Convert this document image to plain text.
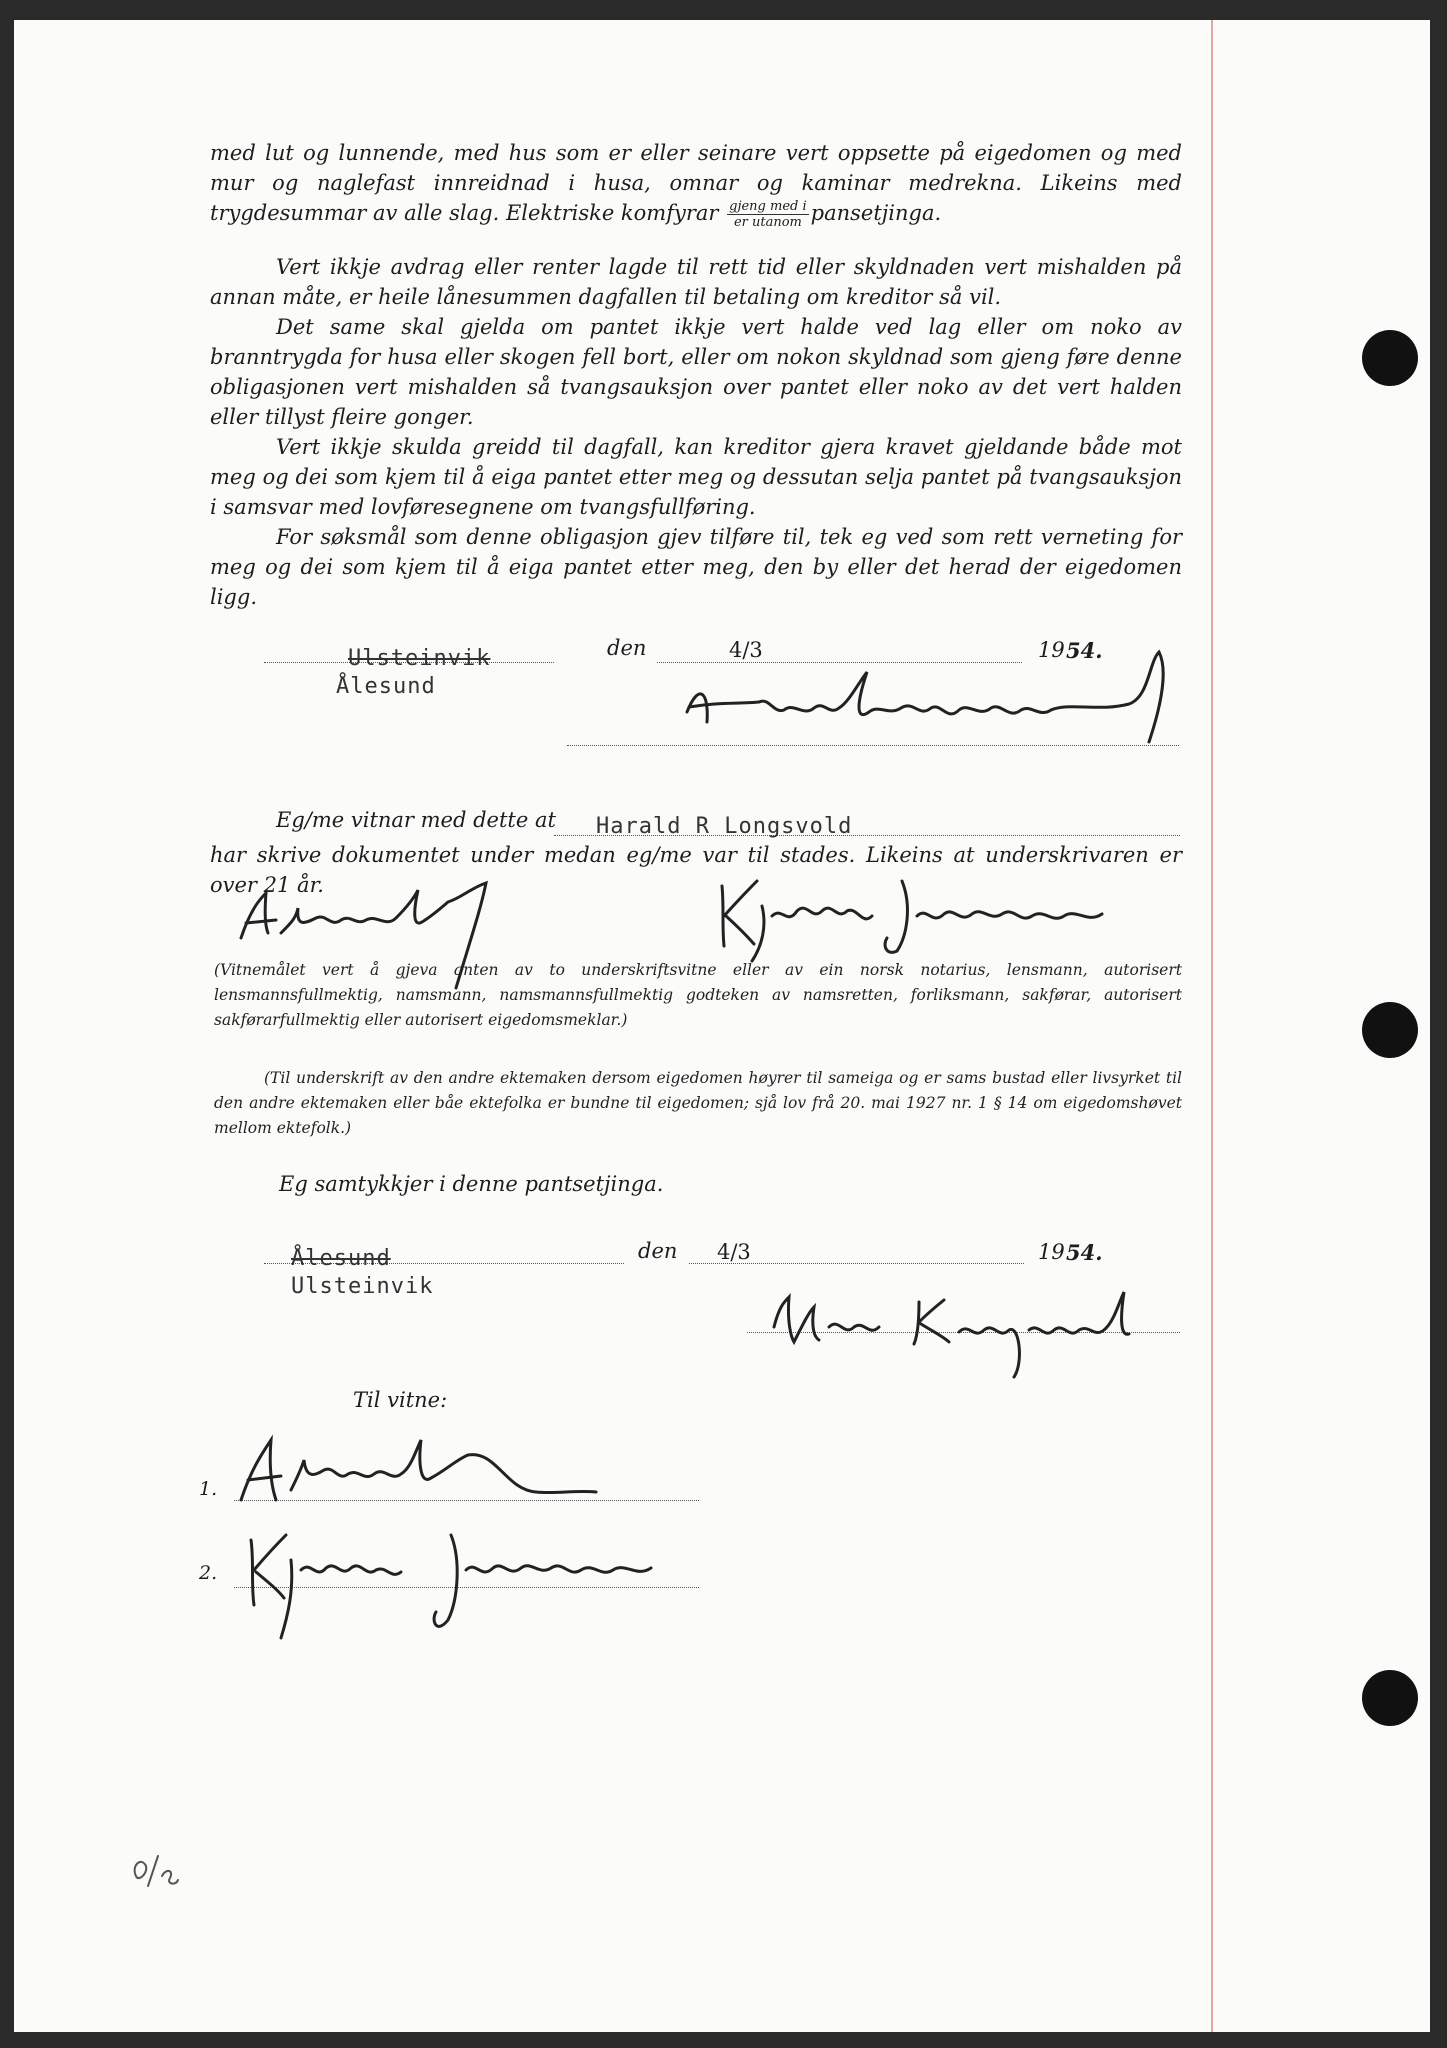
med lut og lunnende, med hus som er eller seinare vert oppsette på eigedomen og med mur og naglefast innreidnad i husa, omnar og kaminar medrekna. Likeins med trygdesummar av alle slag. Elektriske komfyrar $\frac{\text{gjeng med i}}{\text{er utanom}}$ pansetjinga.

Vert ikkje avdrag eller renter lagde til rett tid eller skyldnaden vert mishalden på annan måte, er heile lånesummen dagfallen til betaling om kreditor så vil.

Det same skal gjelda om pantet ikkje vert halde ved lag eller om noko av branntrygda for husa eller skogen fell bort, eller om nokon skyldnad som gjeng føre denne obligasjonen vert mishalden så tvangsauksjon over pantet eller noko av det vert halden eller tillyst fleire gonger.

Vert ikkje skulda greidd til dagfall, kan kreditor gjera kravet gjeldande både mot meg og dei som kjem til å eiga pantet etter meg og dessutan selja pantet på tvangsauksjon i samsvar med lovføresegnene om tvangsfullføring.

For søksmål som denne obligasjon gjev tilføre til, tek eg ved som rett verneting for meg og dei som kjem til å eiga pantet etter meg, den by eller det herad der eigedomen ligg.

Ulsteinvik
Ålesund
den	4/3	19 54.
Eg/me vitnar med dette at Harald R Longsvold

har skrive dokumentet under medan eg/me var til stades. Likeins at underskrivaren er over 21 år.

(Vitnemålet vert å gjeva anten av to underskriftsvitne eller av ein norsk notarius, lensmann, autorisert lensmannsfullmektig, namsmann, namsmannsfullmektig godteken av namsretten, forliksmann, sakførar, autorisert sakførarfullmektig eller autorisert eigedomsmeklar.)

(Til underskrift av den andre ektemaken dersom eigedomen høyrer til sameiga og er sams bustad eller livsyrket til den andre ektemaken eller båe ektefolka er bundne til eigedomen; sjå lov frå 20. mai 1927 nr. 1 § 14 om eigedomshøvet mellom ektefolk.)

Eg samtykkjer i denne pantsetjinga.
Ålesund
Ulsteinvik
den 4/3	19 54.
Til vitne:
1.
2.
